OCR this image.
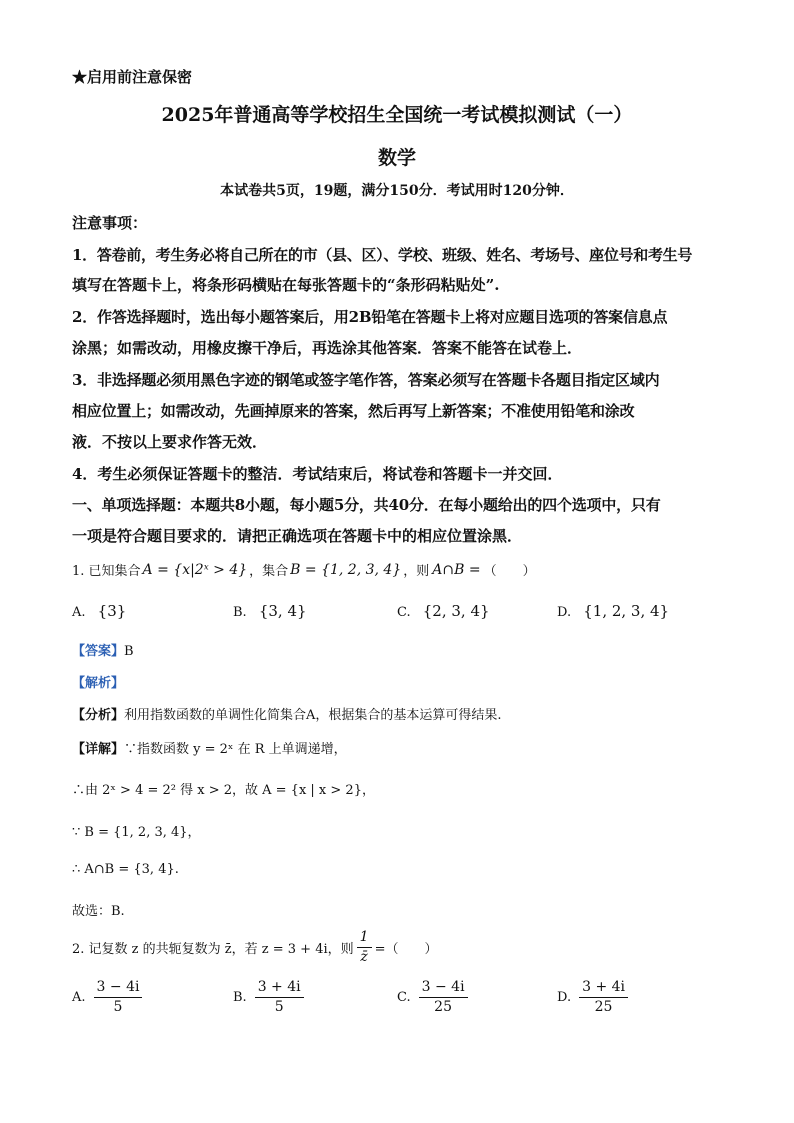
★启用前注意保密
2025年普通高等学校招生全国统一考试模拟测试（一）
数学
本试卷共5页，19题，满分150分．考试用时120分钟．
注意事项：
1．答卷前，考生务必将自己所在的市（县、区）、学校、班级、姓名、考场号、座位号和考生号
填写在答题卡上，将条形码横贴在每张答题卡的“条形码粘贴处”.
2．作答选择题时，选出每小题答案后，用2B铅笔在答题卡上将对应题目选项的答案信息点
涂黑；如需改动，用橡皮擦干净后，再选涂其他答案．答案不能答在试卷上．
3．非选择题必须用黑色字迹的钢笔或签字笔作答，答案必须写在答题卡各题目指定区域内
相应位置上；如需改动，先画掉原来的答案，然后再写上新答案；不准使用铅笔和涂改
液．不按以上要求作答无效．
4．考生必须保证答题卡的整洁．考试结束后，将试卷和答题卡一并交回．
一、单项选择题：本题共8小题，每小题5分，共40分．在每小题给出的四个选项中，只有
一项是符合题目要求的．请把正确选项在答题卡中的相应位置涂黑．
1. 已知集合 A = {x|2ˣ > 4} ，集合 B = {1, 2, 3, 4} ，则 A∩B = （　　）
A. {3}	B. {3, 4}	C. {2, 3, 4}	D. {1, 2, 3, 4}
【答案】B
【解析】
【分析】利用指数函数的单调性化简集合A，根据集合的基本运算可得结果.
【详解】∵指数函数 y = 2ˣ 在 R 上单调递增，
∴由 2ˣ > 4 = 2² 得 x > 2，故 A = {x | x > 2}，
∵ B = {1, 2, 3, 4}，
∴ A∩B = {3, 4}.
故选：B.
2. 记复数 z 的共轭复数为 z̄，若 z = 3 + 4i，则 $\frac{1}{z̄}$ =（　　）
A. $\frac{3 - 4i}{5}$	B. $\frac{3 + 4i}{5}$	C. $\frac{3 - 4i}{25}$	D. $\frac{3 + 4i}{25}$
